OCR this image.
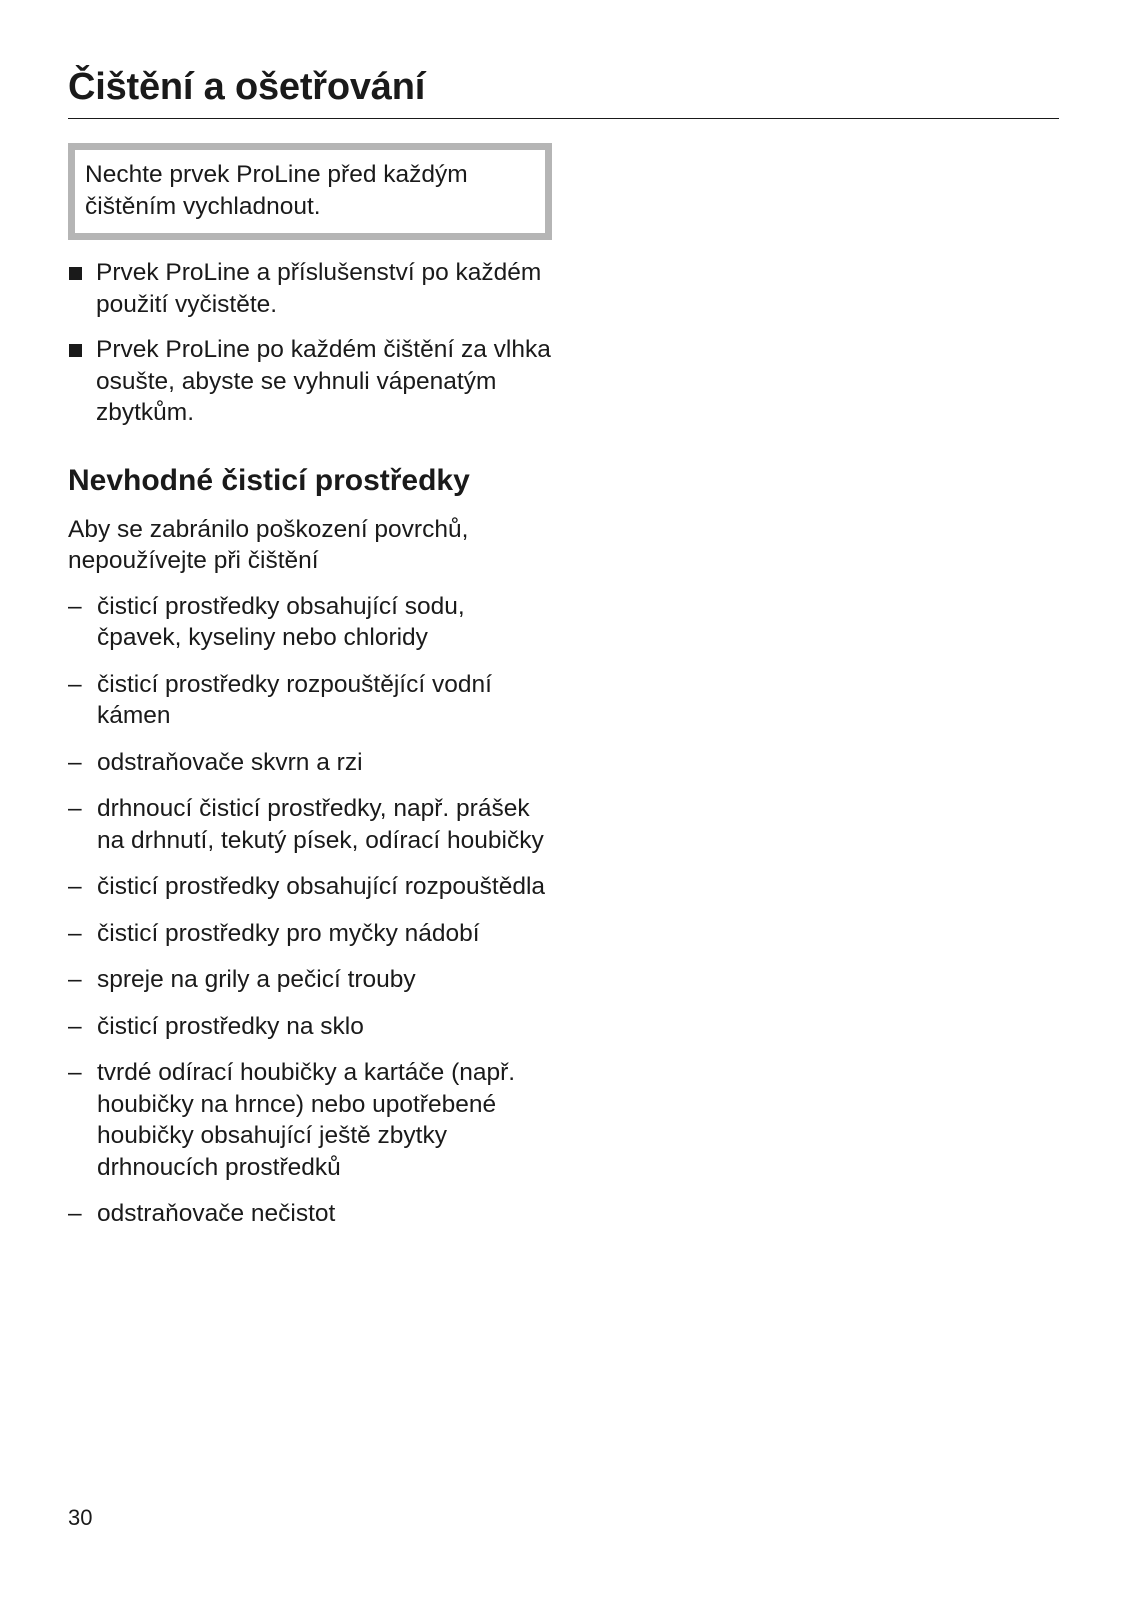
Čištění a ošetřování
Nechte prvek ProLine před každým čištěním vychladnout.
Prvek ProLine a příslušenství po každém použití vyčistěte.
Prvek ProLine po každém čištění za vlhka osušte, abyste se vyhnuli vápenatým zbytkům.
Nevhodné čisticí prostředky

Aby se zabránilo poškození povrchů, nepoužívejte při čištění

– čisticí prostředky obsahující sodu, čpavek, kyseliny nebo chloridy
– čisticí prostředky rozpouštějící vodní kámen
– odstraňovače skvrn a rzi
– drhnoucí čisticí prostředky, např. prášek na drhnutí, tekutý písek, odírací houbičky
– čisticí prostředky obsahující rozpouštědla
– čisticí prostředky pro myčky nádobí
– spreje na grily a pečicí trouby
– čisticí prostředky na sklo
– tvrdé odírací houbičky a kartáče (např. houbičky na hrnce) nebo upotřebené houbičky obsahující ještě zbytky drhnoucích prostředků
– odstraňovače nečistot
30
